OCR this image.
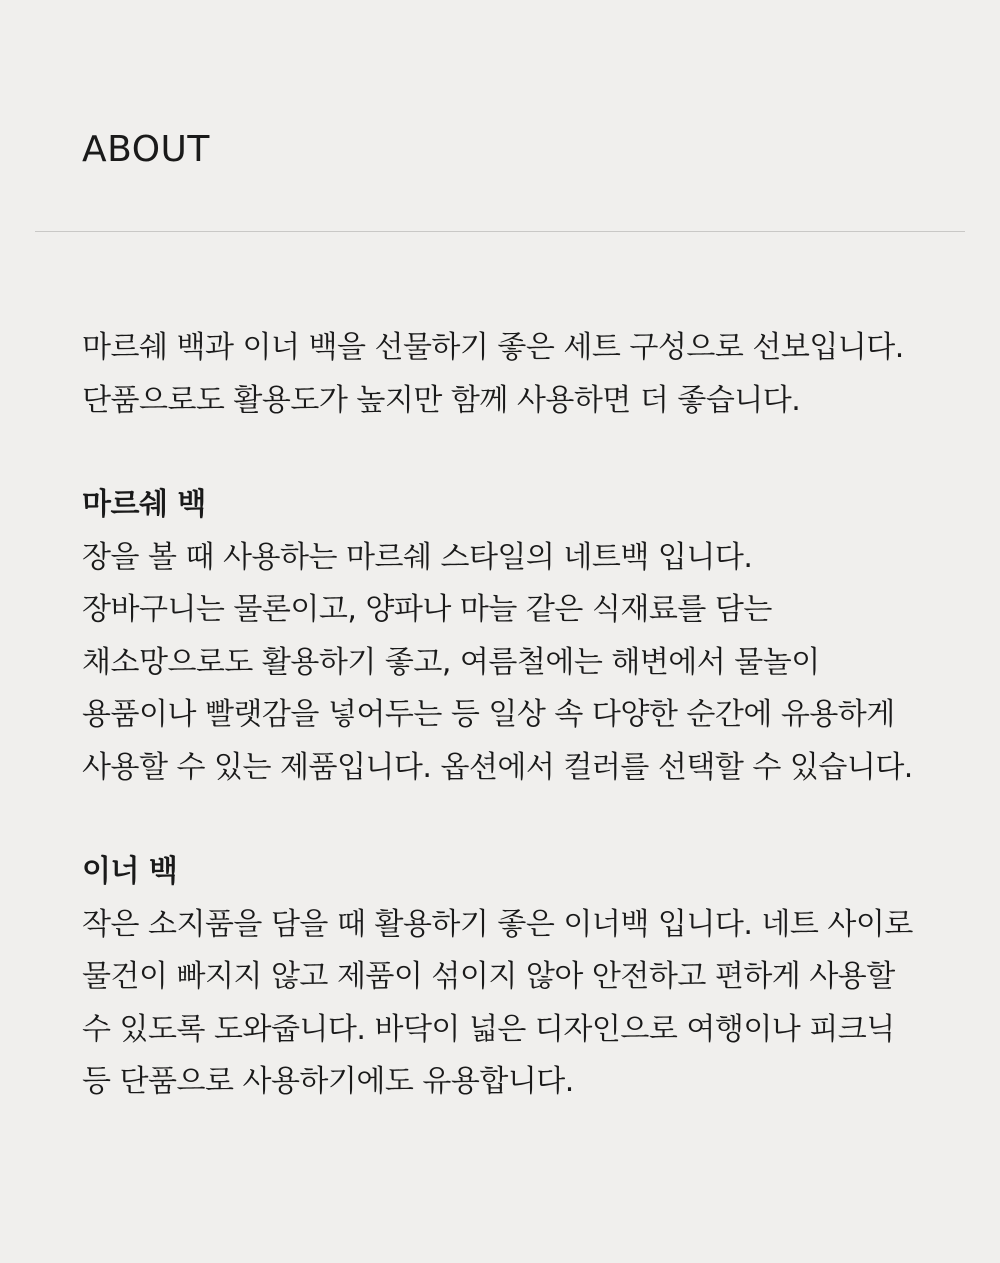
ABOUT

마르쉐 백과 이너 백을 선물하기 좋은 세트 구성으로 선보입니다.
단품으로도 활용도가 높지만 함께 사용하면 더 좋습니다.

마르쉐 백

장을 볼 때 사용하는 마르쉐 스타일의 네트백 입니다.
장바구니는 물론이고, 양파나 마늘 같은 식재료를 담는
채소망으로도 활용하기 좋고, 여름철에는 해변에서 물놀이
용품이나 빨랫감을 넣어두는 등 일상 속 다양한 순간에 유용하게
사용할 수 있는 제품입니다. 옵션에서 컬러를 선택할 수 있습니다.

이너 백

작은 소지품을 담을 때 활용하기 좋은 이너백 입니다. 네트 사이로
물건이 빠지지 않고 제품이 섞이지 않아 안전하고 편하게 사용할
수 있도록 도와줍니다. 바닥이 넓은 디자인으로 여행이나 피크닉
등 단품으로 사용하기에도 유용합니다.
